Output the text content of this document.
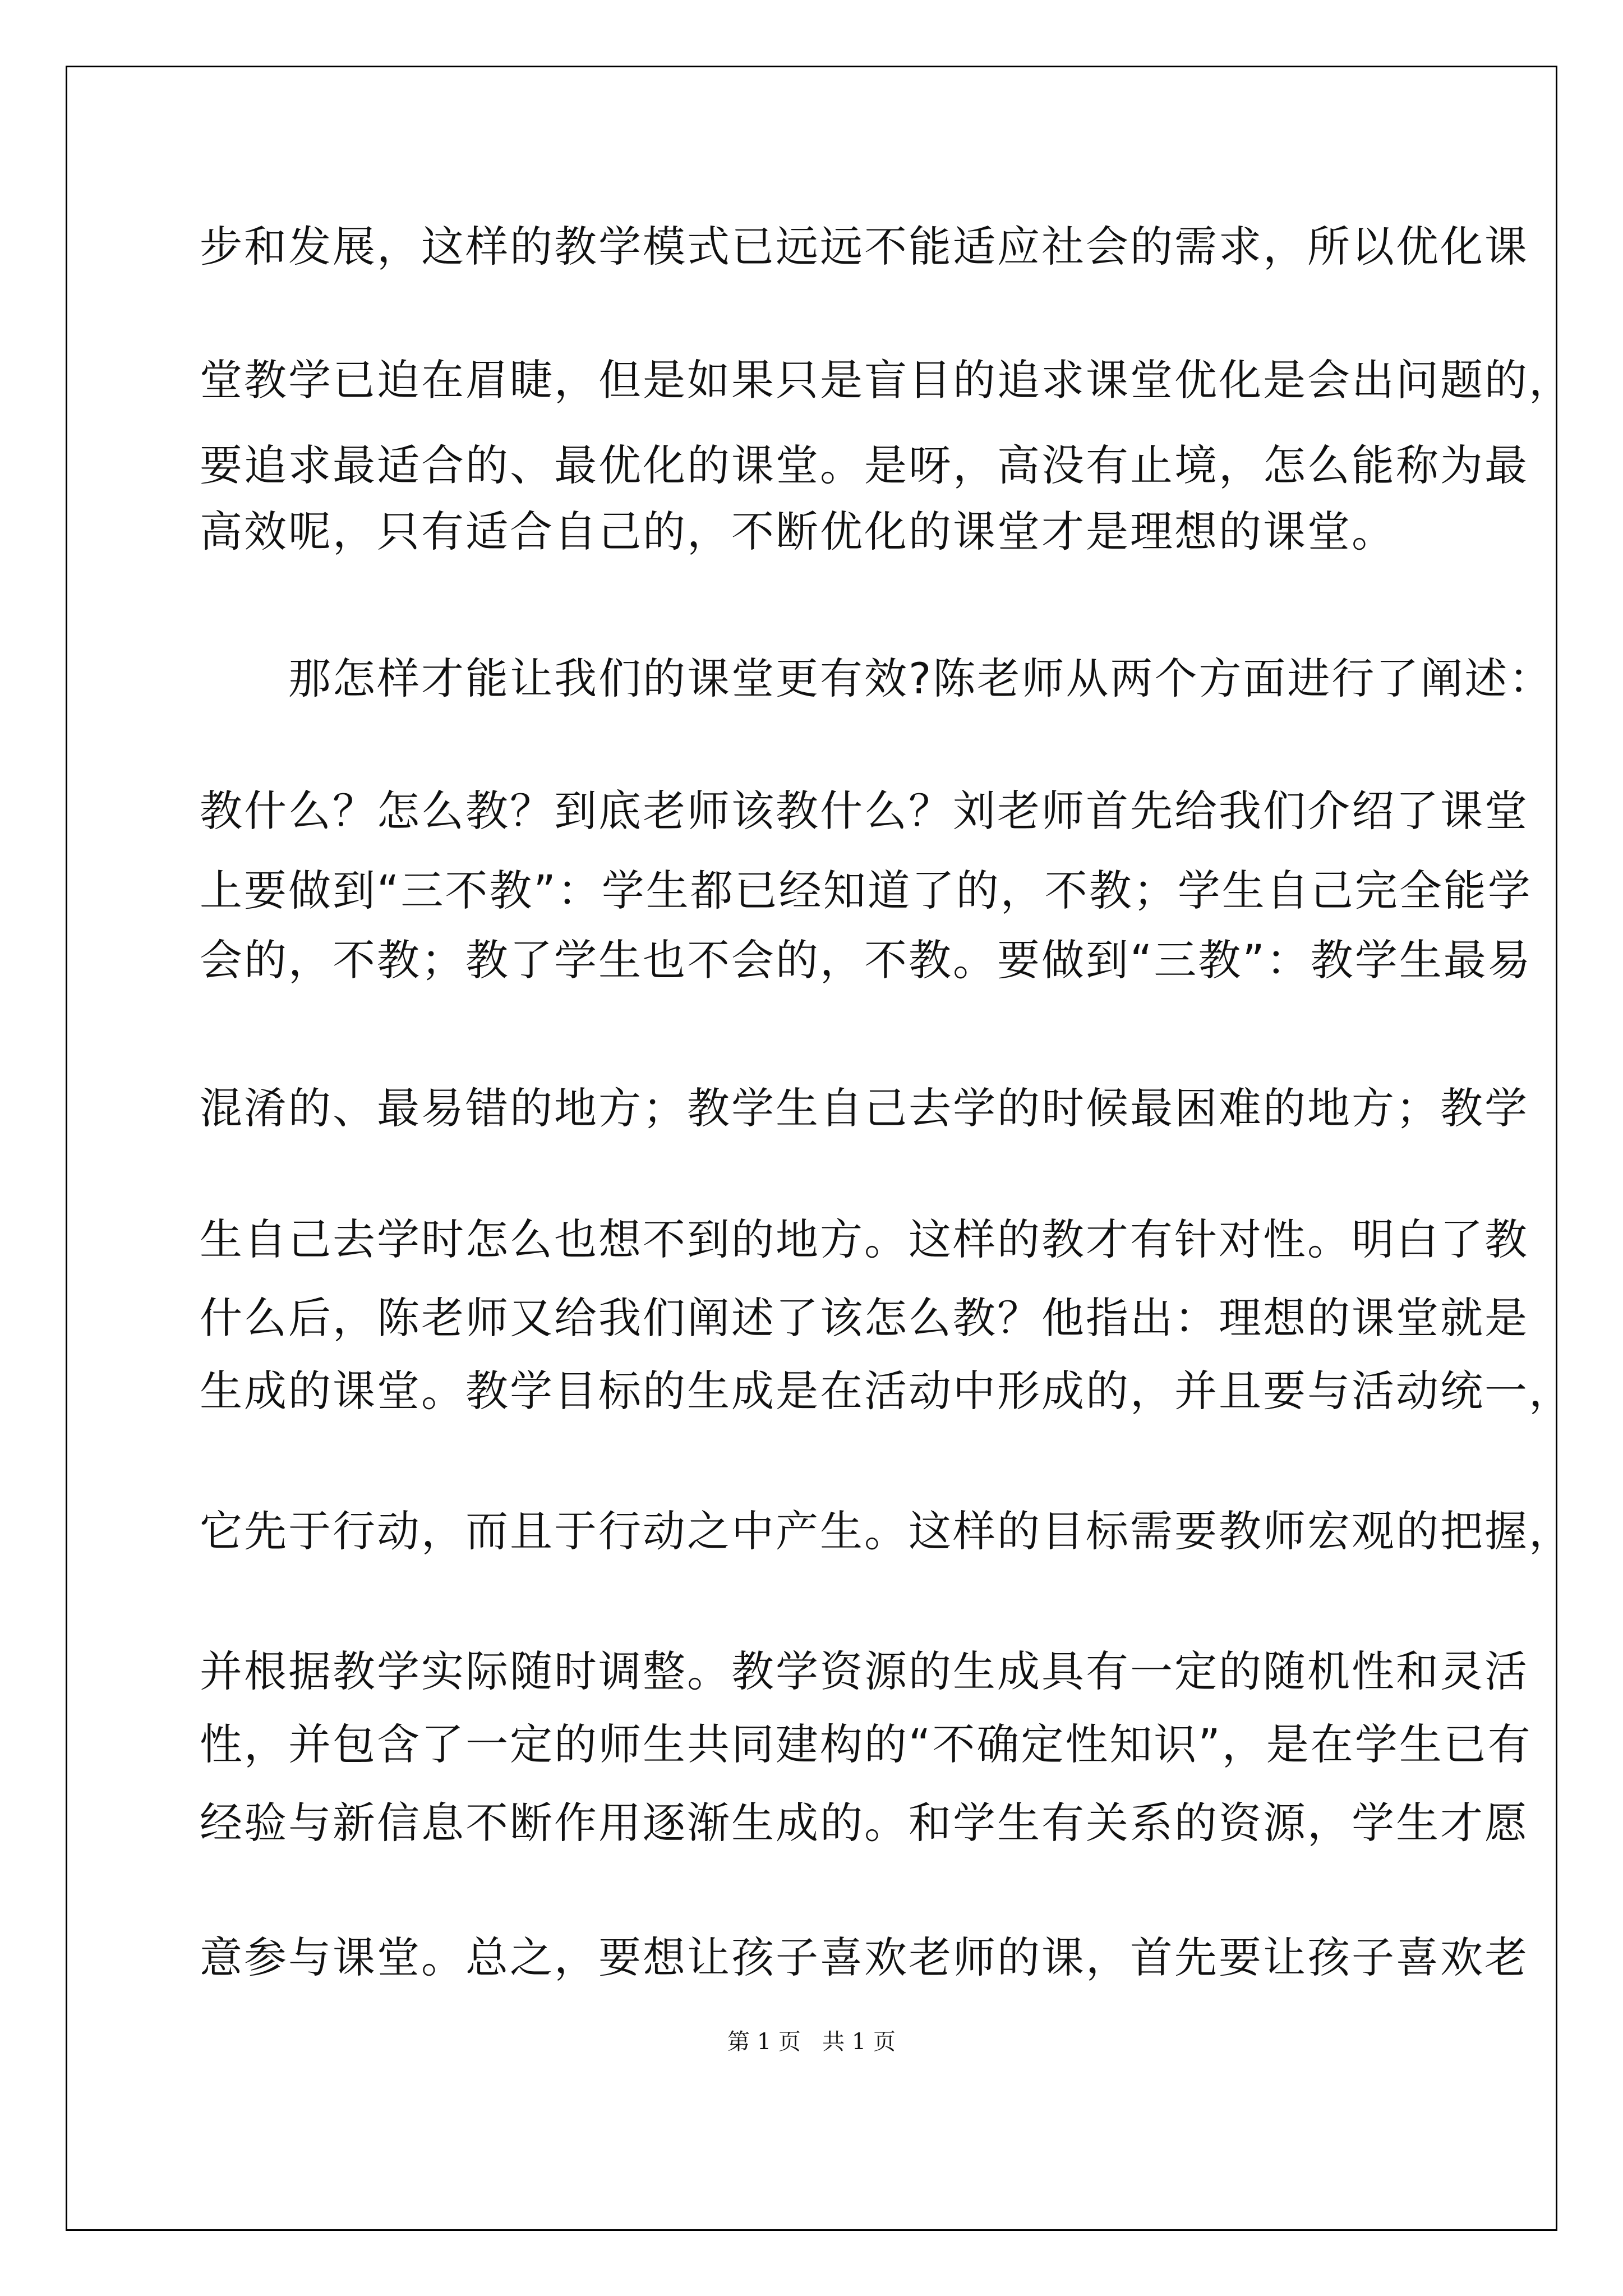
步和发展，这样的教学模式已远远不能适应社会的需求，所以优化课

堂教学已迫在眉睫，但是如果只是盲目的追求课堂优化是会出问题的，

要追求最适合的、最优化的课堂。是呀，高没有止境，怎么能称为最

高效呢，只有适合自己的，不断优化的课堂才是理想的课堂。

　　那怎样才能让我们的课堂更有效?陈老师从两个方面进行了阐述：

教什么？怎么教？到底老师该教什么？刘老师首先给我们介绍了课堂

上要做到“三不教”：学生都已经知道了的，不教；学生自己完全能学

会的，不教；教了学生也不会的，不教。要做到“三教”：教学生最易

混淆的、最易错的地方；教学生自己去学的时候最困难的地方；教学

生自己去学时怎么也想不到的地方。这样的教才有针对性。明白了教

什么后，陈老师又给我们阐述了该怎么教？他指出：理想的课堂就是

生成的课堂。教学目标的生成是在活动中形成的，并且要与活动统一，

它先于行动，而且于行动之中产生。这样的目标需要教师宏观的把握，

并根据教学实际随时调整。教学资源的生成具有一定的随机性和灵活

性，并包含了一定的师生共同建构的“不确定性知识”，是在学生已有

经验与新信息不断作用逐渐生成的。和学生有关系的资源，学生才愿

意参与课堂。总之，要想让孩子喜欢老师的课，首先要让孩子喜欢老

第 1 页   共 1 页
